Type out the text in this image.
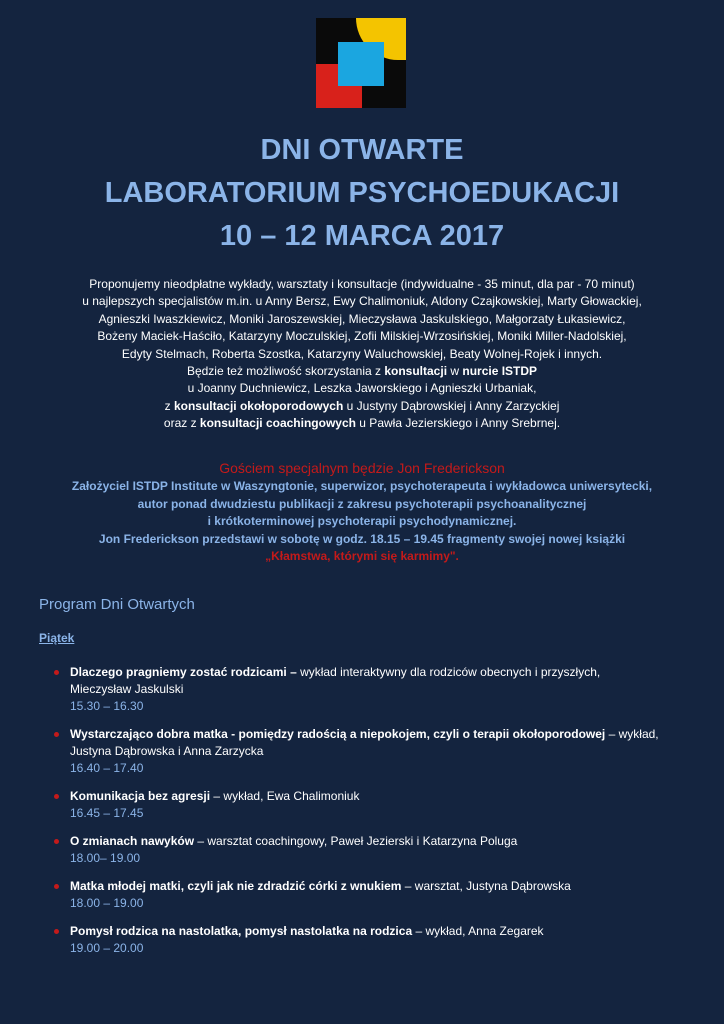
DNI OTWARTE
LABORATORIUM PSYCHOEDUKACJI
10 – 12 MARCA 2017
Proponujemy nieodpłatne wykłady, warsztaty i konsultacje (indywidualne - 35 minut, dla par - 70 minut)
u najlepszych specjalistów m.in. u Anny Bersz, Ewy Chalimoniuk, Aldony Czajkowskiej, Marty Głowackiej,
Agnieszki Iwaszkiewicz, Moniki Jaroszewskiej, Mieczysława Jaskulskiego, Małgorzaty Łukasiewicz,
Bożeny Maciek-Haściło, Katarzyny Moczulskiej, Zofii Milskiej-Wrzosińskiej, Moniki Miller-Nadolskiej,
Edyty Stelmach, Roberta Szostka, Katarzyny Waluchowskiej, Beaty Wolnej-Rojek i innych.
Będzie też możliwość skorzystania z konsultacji w nurcie ISTDP
u Joanny Duchniewicz, Leszka Jaworskiego i Agnieszki Urbaniak,
z konsultacji okołoporodowych u Justyny Dąbrowskiej i Anny Zarzyckiej
oraz z konsultacji coachingowych u Pawła Jezierskiego i Anny Srebrnej.
Gościem specjalnym będzie Jon Frederickson
Założyciel ISTDP Institute w Waszyngtonie, superwizor, psychoterapeuta i wykładowca uniwersytecki,
autor ponad dwudziestu publikacji z zakresu psychoterapii psychoanalitycznej
i krótkoterminowej psychoterapii psychodynamicznej.
Jon Frederickson przedstawi w sobotę w godz. 18.15 – 19.45 fragmenty swojej nowej książki
„Kłamstwa, którymi się karmimy".
Program Dni Otwartych
Piątek
Dlaczego pragniemy zostać rodzicami – wykład interaktywny dla rodziców obecnych i przyszłych,
Mieczysław Jaskulski
15.30 – 16.30
Wystarczająco dobra matka - pomiędzy radością a niepokojem, czyli o terapii okołoporodowej – wykład,
Justyna Dąbrowska i Anna Zarzycka
16.40 – 17.40
Komunikacja bez agresji – wykład, Ewa Chalimoniuk
16.45 – 17.45
O zmianach nawyków – warsztat coachingowy, Paweł Jezierski i Katarzyna Poluga
18.00– 19.00
Matka młodej matki, czyli jak nie zdradzić córki z wnukiem – warsztat, Justyna Dąbrowska
18.00 – 19.00
Pomysł rodzica na nastolatka, pomysł nastolatka na rodzica – wykład, Anna Zegarek
19.00 – 20.00
